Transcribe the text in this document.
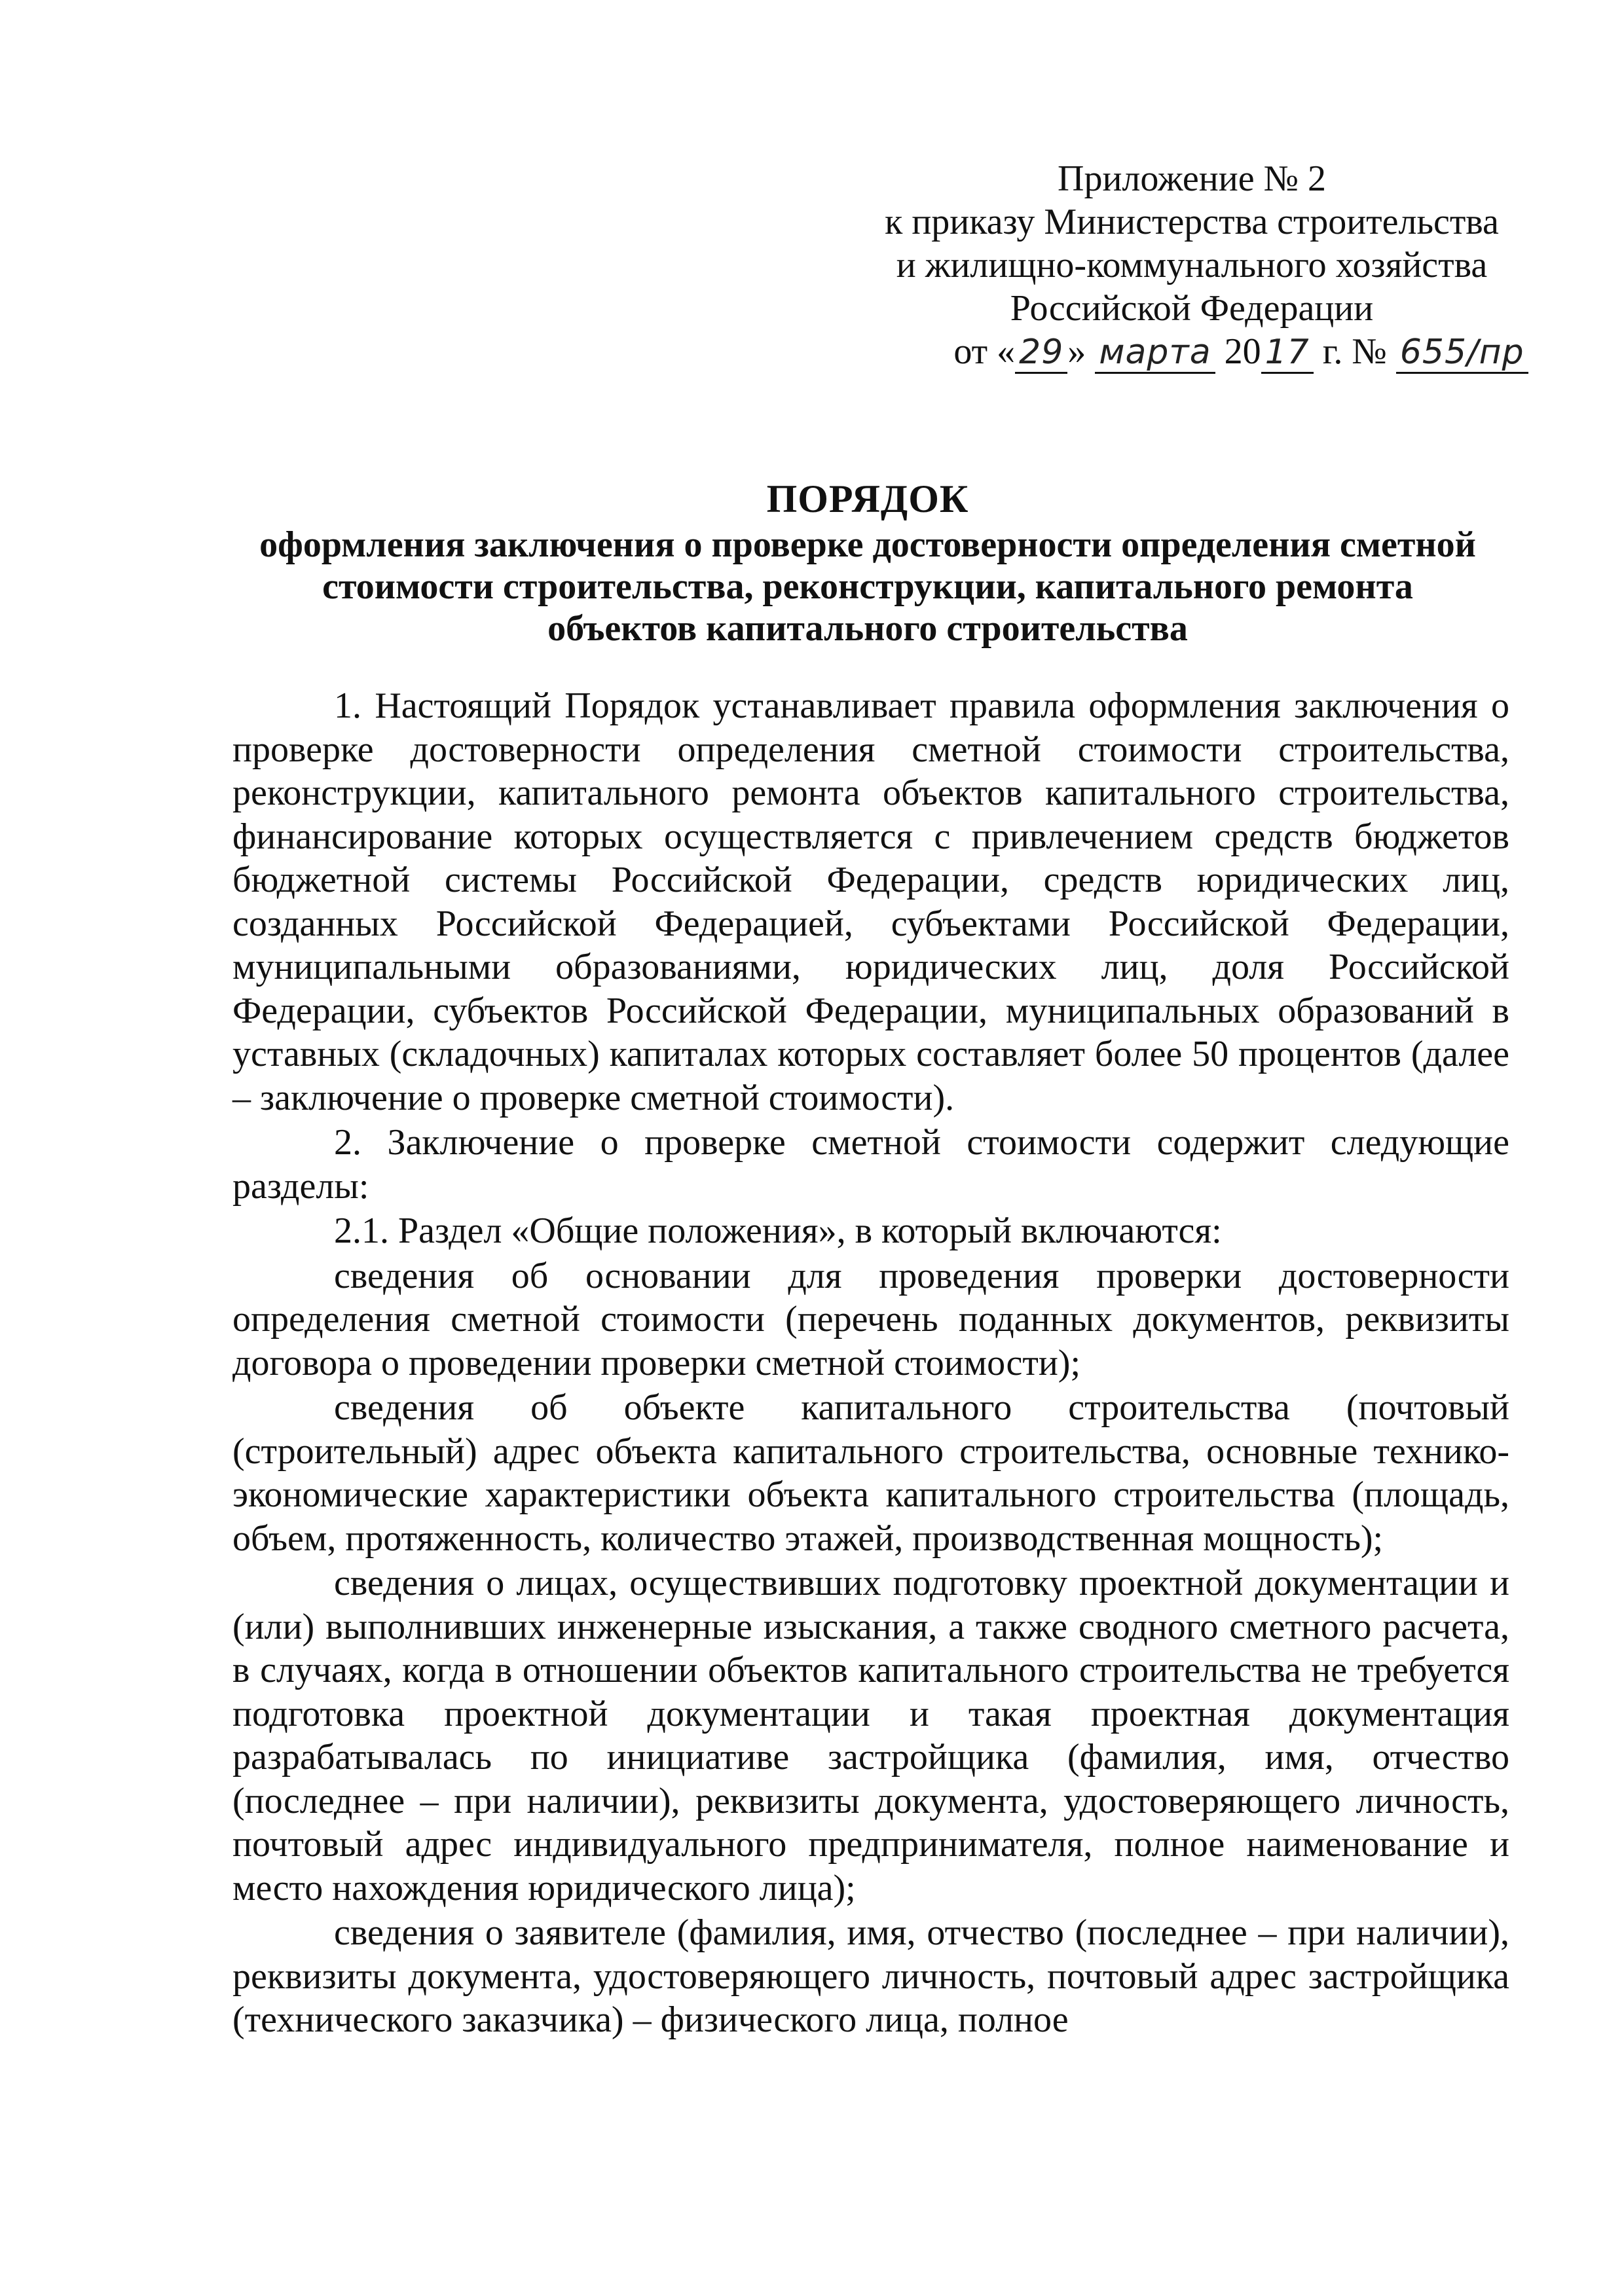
Приложение № 2
к приказу Министерства строительства
и жилищно-коммунального хозяйства
Российской Федерации
от « 29 » марта 20 17 г. № 655/пр
ПОРЯДОК
оформления заключения о проверке достоверности определения сметной
стоимости строительства, реконструкции, капитального ремонта
объектов капитального строительства

1. Настоящий Порядок устанавливает правила оформления заключения о проверке достоверности определения сметной стоимости строительства, реконструкции, капитального ремонта объектов капитального строительства, финансирование которых осуществляется с привлечением средств бюджетов бюджетной системы Российской Федерации, средств юридических лиц, созданных Российской Федерацией, субъектами Российской Федерации, муниципальными образованиями, юридических лиц, доля Российской Федерации, субъектов Российской Федерации, муниципальных образований в уставных (складочных) капиталах которых составляет более 50 процентов (далее – заключение о проверке сметной стоимости).

2. Заключение о проверке сметной стоимости содержит следующие разделы:

2.1. Раздел «Общие положения», в который включаются:

сведения об основании для проведения проверки достоверности определения сметной стоимости (перечень поданных документов, реквизиты договора о проведении проверки сметной стоимости);

сведения об объекте капитального строительства (почтовый (строительный) адрес объекта капитального строительства, основные технико-экономические характеристики объекта капитального строительства (площадь, объем, протяженность, количество этажей, производственная мощность);

сведения о лицах, осуществивших подготовку проектной документации и (или) выполнивших инженерные изыскания, а также сводного сметного расчета, в случаях, когда в отношении объектов капитального строительства не требуется подготовка проектной документации и такая проектная документация разрабатывалась по инициативе застройщика (фамилия, имя, отчество (последнее – при наличии), реквизиты документа, удостоверяющего личность, почтовый адрес индивидуального предпринимателя, полное наименование и место нахождения юридического лица);

сведения о заявителе (фамилия, имя, отчество (последнее – при наличии), реквизиты документа, удостоверяющего личность, почтовый адрес застройщика (технического заказчика) – физического лица, полное
